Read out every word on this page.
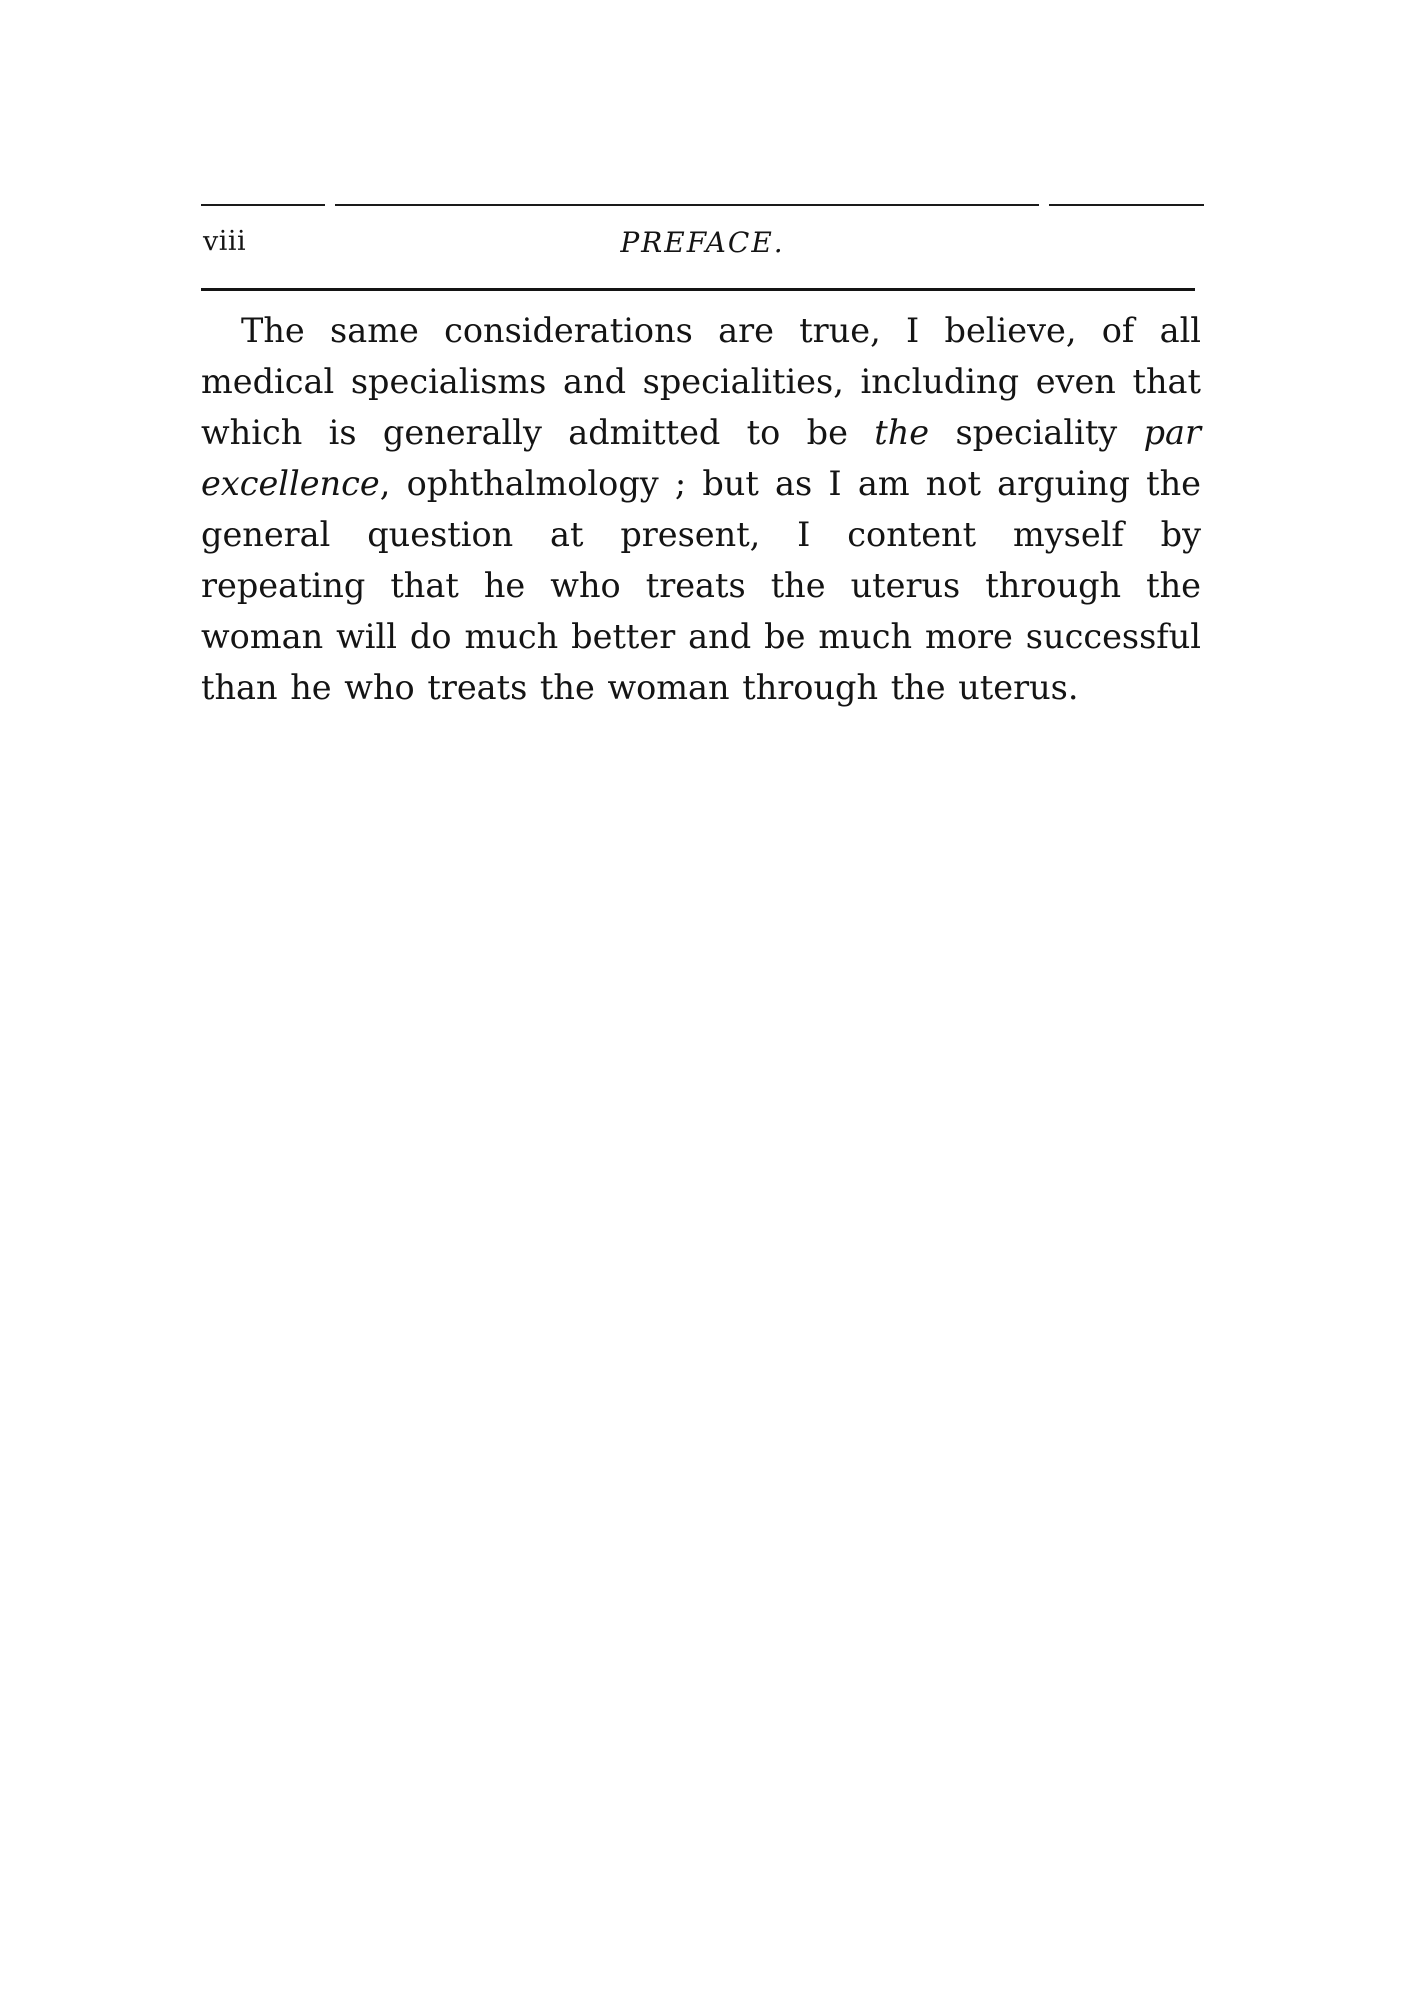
viii	PREFACE.

The same considerations are true, I believe, of all medical specialisms and specialities, including even that which is generally admitted to be the speciality par excellence, ophthalmology ; but as I am not arguing the general question at present, I content myself by repeating that he who treats the uterus through the woman will do much better and be much more successful than he who treats the woman through the uterus.
